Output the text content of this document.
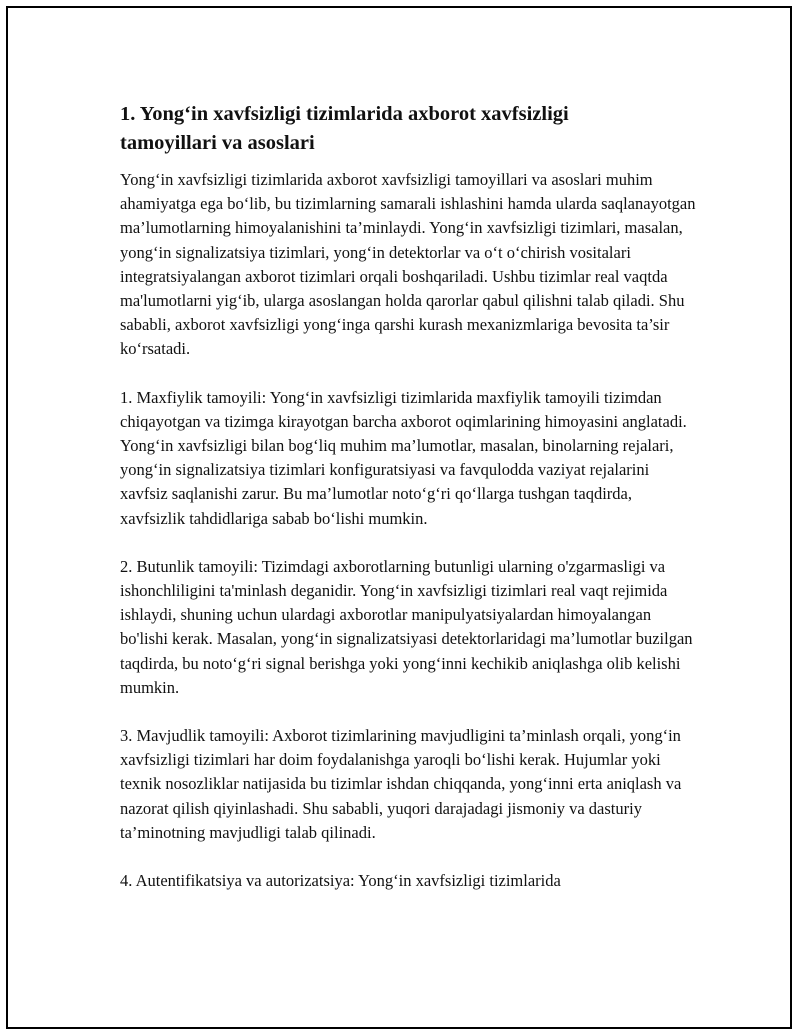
1. Yong‘in xavfsizligi tizimlarida axborot xavfsizligi tamoyillari va asoslari

Yong‘in xavfsizligi tizimlarida axborot xavfsizligi tamoyillari va asoslari muhim ahamiyatga ega bo‘lib, bu tizimlarning samarali ishlashini hamda ularda saqlanayotgan ma’lumotlarning himoyalanishini ta’minlaydi. Yong‘in xavfsizligi tizimlari, masalan, yong‘in signalizatsiya tizimlari, yong‘in detektorlar va o‘t o‘chirish vositalari integratsiyalangan axborot tizimlari orqali boshqariladi. Ushbu tizimlar real vaqtda ma'lumotlarni yig‘ib, ularga asoslangan holda qarorlar qabul qilishni talab qiladi. Shu sababli, axborot xavfsizligi yong‘inga qarshi kurash mexanizmlariga bevosita ta’sir ko‘rsatadi.

1. Maxfiylik tamoyili: Yong‘in xavfsizligi tizimlarida maxfiylik tamoyili tizimdan chiqayotgan va tizimga kirayotgan barcha axborot oqimlarining himoyasini anglatadi. Yong‘in xavfsizligi bilan bog‘liq muhim ma’lumotlar, masalan, binolarning rejalari, yong‘in signalizatsiya tizimlari konfiguratsiyasi va favqulodda vaziyat rejalarini xavfsiz saqlanishi zarur. Bu ma’lumotlar noto‘g‘ri qo‘llarga tushgan taqdirda, xavfsizlik tahdidlariga sabab bo‘lishi mumkin.

2. Butunlik tamoyili: Tizimdagi axborotlarning butunligi ularning o'zgarmasligi va ishonchliligini ta'minlash deganidir. Yong‘in xavfsizligi tizimlari real vaqt rejimida ishlaydi, shuning uchun ulardagi axborotlar manipulyatsiyalardan himoyalangan bo'lishi kerak. Masalan, yong‘in signalizatsiyasi detektorlaridagi ma’lumotlar buzilgan taqdirda, bu noto‘g‘ri signal berishga yoki yong‘inni kechikib aniqlashga olib kelishi mumkin.

3. Mavjudlik tamoyili: Axborot tizimlarining mavjudligini ta’minlash orqali, yong‘in xavfsizligi tizimlari har doim foydalanishga yaroqli bo‘lishi kerak. Hujumlar yoki texnik nosozliklar natijasida bu tizimlar ishdan chiqqanda, yong‘inni erta aniqlash va nazorat qilish qiyinlashadi. Shu sababli, yuqori darajadagi jismoniy va dasturiy ta’minotning mavjudligi talab qilinadi.

4. Autentifikatsiya va autorizatsiya: Yong‘in xavfsizligi tizimlarida
